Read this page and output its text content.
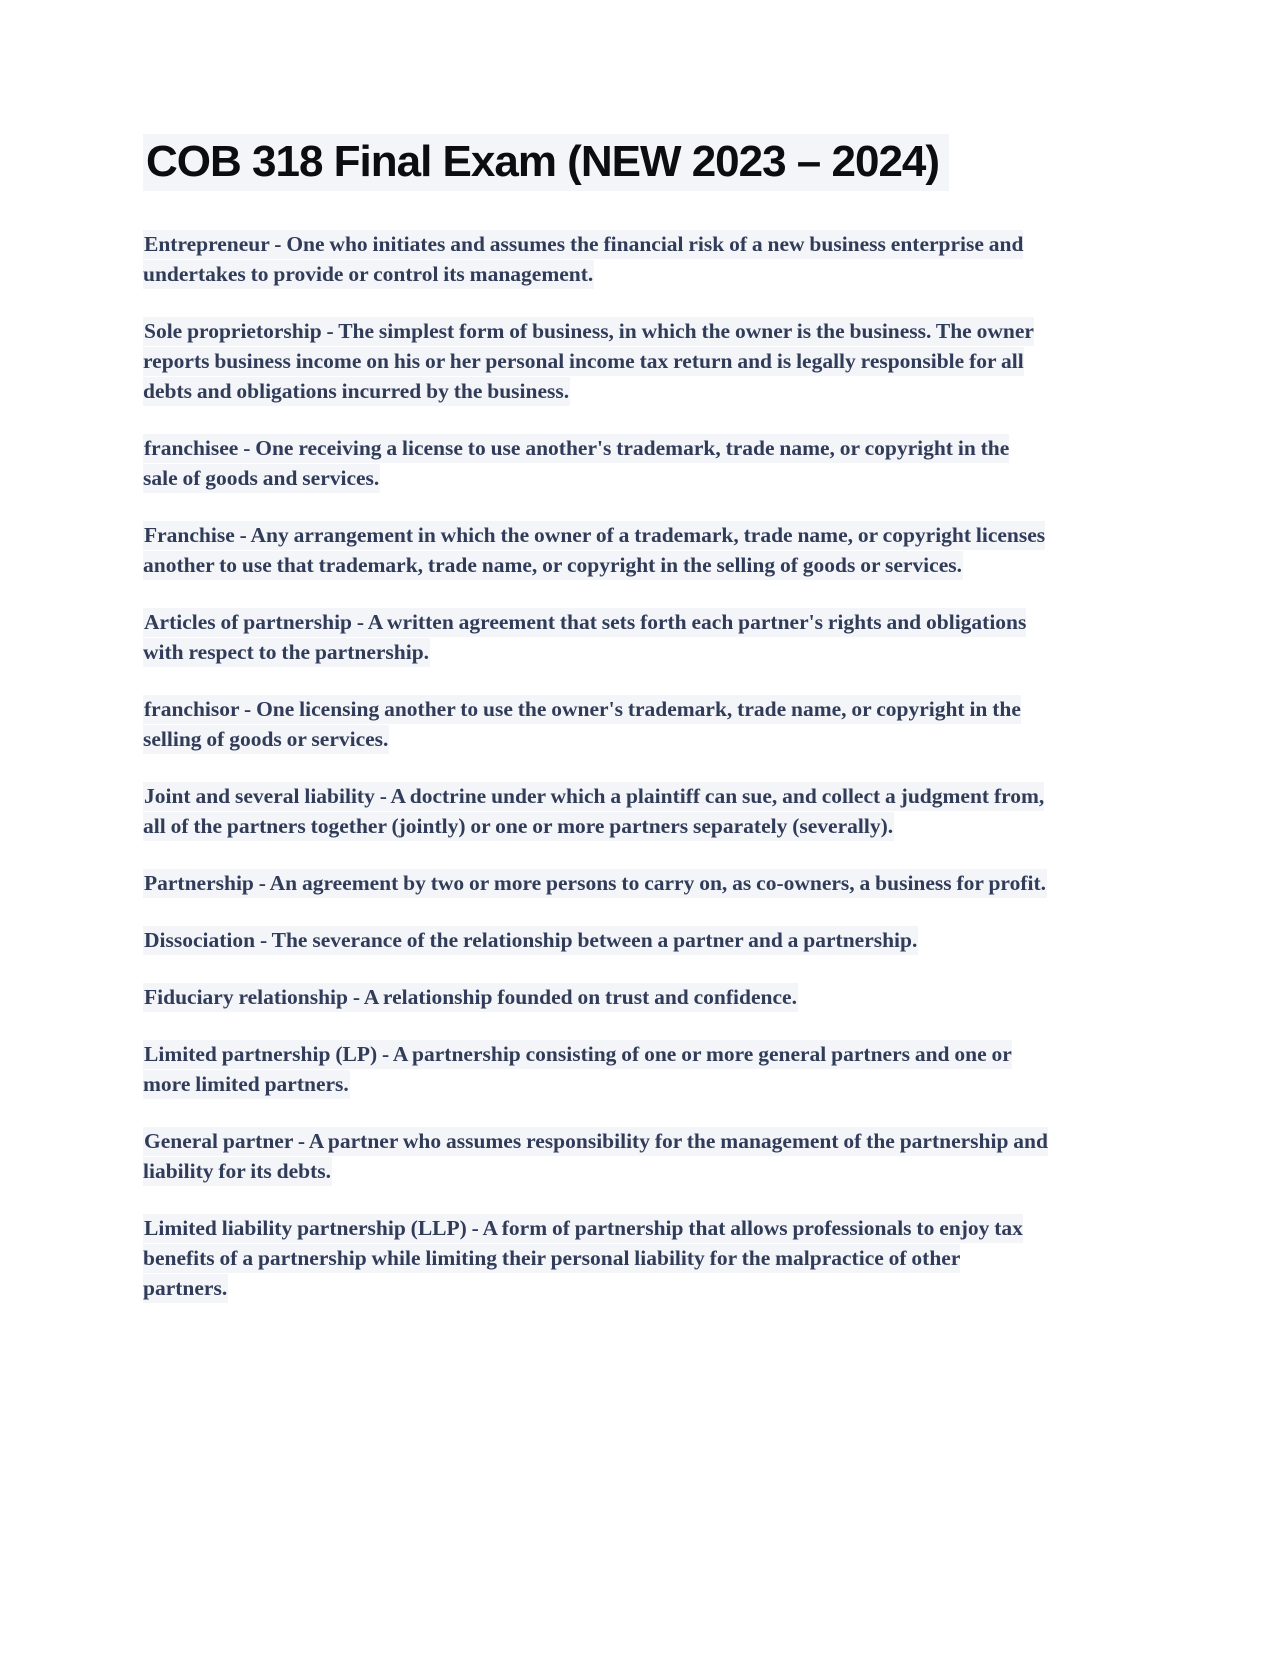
COB 318 Final Exam (NEW 2023 – 2024)

Entrepreneur - One who initiates and assumes the financial risk of a new business enterprise and undertakes to provide or control its management.

Sole proprietorship - The simplest form of business, in which the owner is the business. The owner reports business income on his or her personal income tax return and is legally responsible for all debts and obligations incurred by the business.

franchisee - One receiving a license to use another's trademark, trade name, or copyright in the sale of goods and services.

Franchise - Any arrangement in which the owner of a trademark, trade name, or copyright licenses another to use that trademark, trade name, or copyright in the selling of goods or services.

Articles of partnership - A written agreement that sets forth each partner's rights and obligations with respect to the partnership.

franchisor - One licensing another to use the owner's trademark, trade name, or copyright in the selling of goods or services.

Joint and several liability - A doctrine under which a plaintiff can sue, and collect a judgment from, all of the partners together (jointly) or one or more partners separately (severally).

Partnership - An agreement by two or more persons to carry on, as co-owners, a business for profit.

Dissociation - The severance of the relationship between a partner and a partnership.

Fiduciary relationship - A relationship founded on trust and confidence.

Limited partnership (LP) - A partnership consisting of one or more general partners and one or more limited partners.

General partner - A partner who assumes responsibility for the management of the partnership and liability for its debts.

Limited liability partnership (LLP) - A form of partnership that allows professionals to enjoy tax benefits of a partnership while limiting their personal liability for the malpractice of other partners.
